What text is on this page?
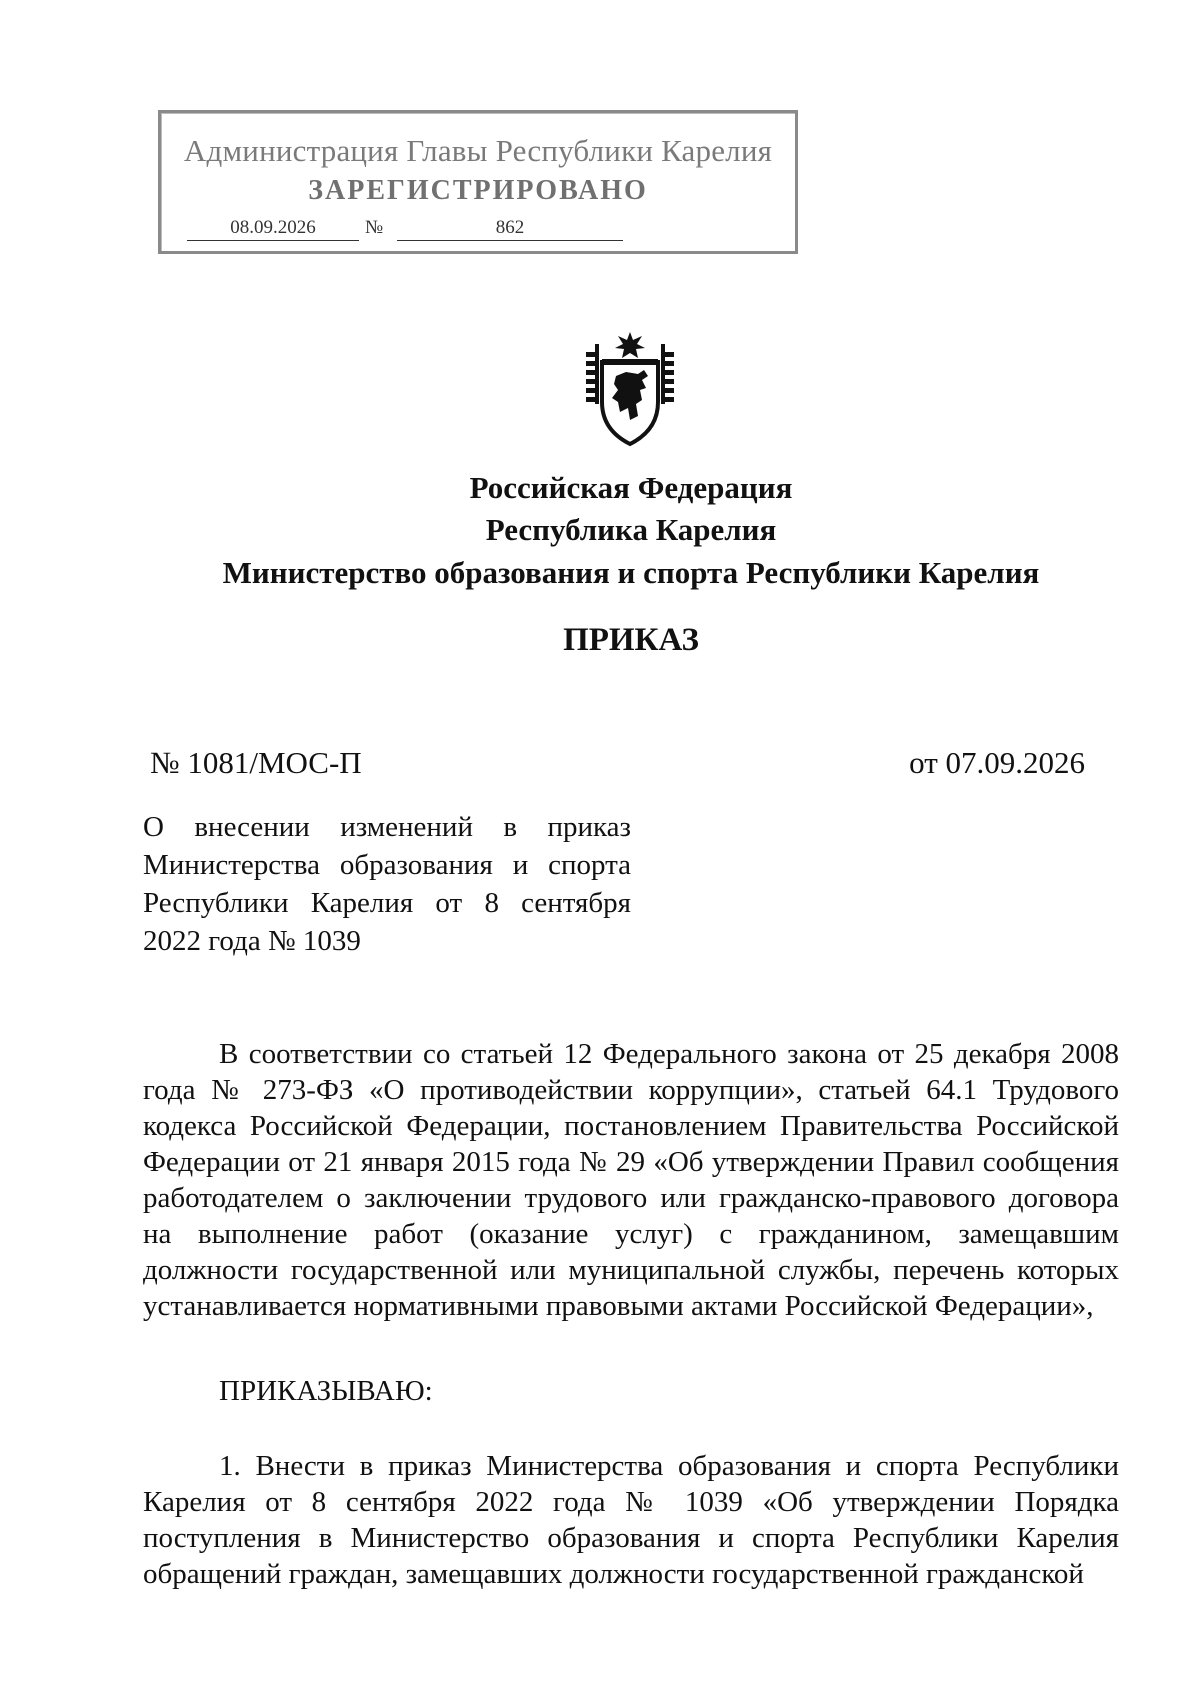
Администрация Главы Республики Карелия
ЗАРЕГИСТРИРОВАНО
08.09.2026	№	862
Российская Федерация
Республика Карелия
Министерство образования и спорта Республики Карелия
ПРИКАЗ
№ 1081/МОС-П	от 07.09.2026
О внесении изменений в приказ Министерства образования и спорта Республики Карелия от 8 сентября 2022 года № 1039
В соответствии со статьей 12 Федерального закона от 25 декабря 2008 года № 273-ФЗ «О противодействии коррупции», статьей 64.1 Трудового кодекса Российской Федерации, постановлением Правительства Российской Федерации от 21 января 2015 года № 29 «Об утверждении Правил сообщения работодателем о заключении трудового или гражданско-правового договора на выполнение работ (оказание услуг) с гражданином, замещавшим должности государственной или муниципальной службы, перечень которых устанавливается нормативными правовыми актами Российской Федерации»,
ПРИКАЗЫВАЮ:
1. Внести в приказ Министерства образования и спорта Республики Карелия от 8 сентября 2022 года № 1039 «Об утверждении Порядка поступления в Министерство образования и спорта Республики Карелия обращений граждан, замещавших должности государственной гражданской
